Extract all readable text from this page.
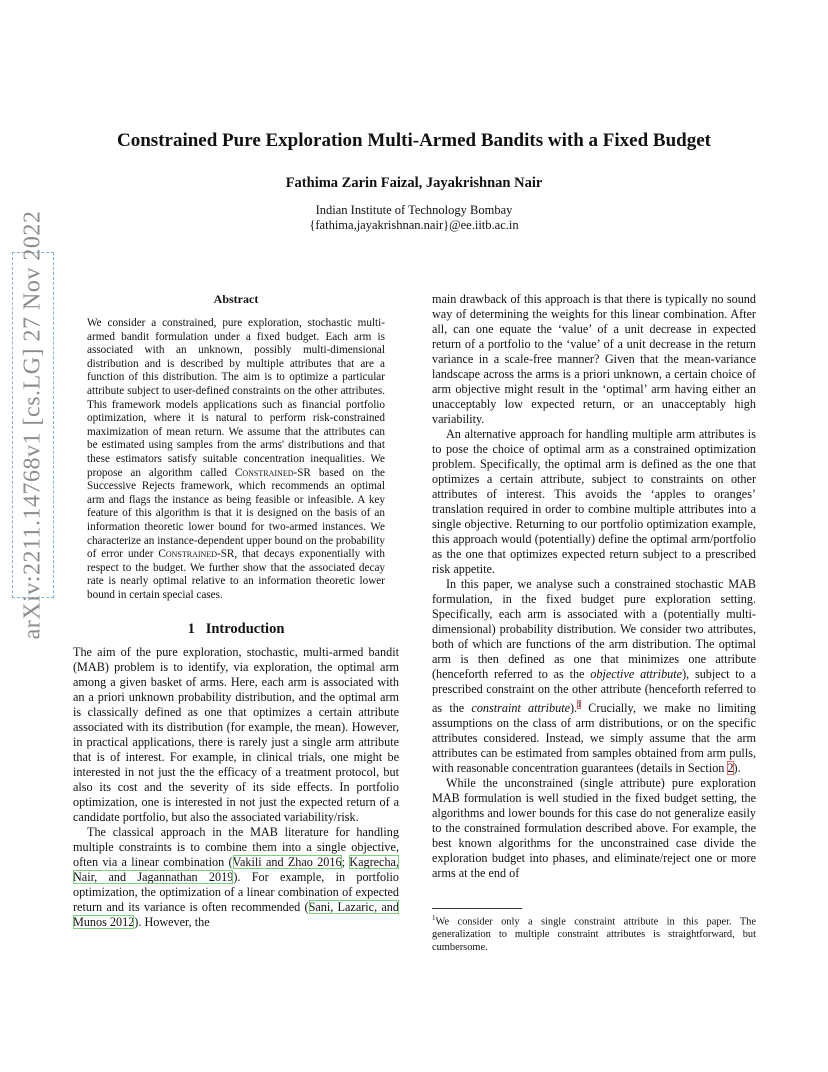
arXiv:2211.14768v1 [cs.LG] 27 Nov 2022
Constrained Pure Exploration Multi-Armed Bandits with a Fixed Budget
Fathima Zarin Faizal, Jayakrishnan Nair
Indian Institute of Technology Bombay
{fathima,jayakrishnan.nair}@ee.iitb.ac.in
Abstract
We consider a constrained, pure exploration, stochastic multi-armed bandit formulation under a fixed budget. Each arm is associated with an unknown, possibly multi-dimensional distribution and is described by multiple attributes that are a function of this distribution. The aim is to optimize a particular attribute subject to user-defined constraints on the other attributes. This framework models applications such as financial portfolio optimization, where it is natural to perform risk-constrained maximization of mean return. We assume that the attributes can be estimated using samples from the arms' distributions and that these estimators satisfy suitable concentration inequalities. We propose an algorithm called Constrained-SR based on the Successive Rejects framework, which recommends an optimal arm and flags the instance as being feasible or infeasible. A key feature of this algorithm is that it is designed on the basis of an information theoretic lower bound for two-armed instances. We characterize an instance-dependent upper bound on the probability of error under Constrained-SR, that decays exponentially with respect to the budget. We further show that the associated decay rate is nearly optimal relative to an information theoretic lower bound in certain special cases.
1 Introduction

The aim of the pure exploration, stochastic, multi-armed bandit (MAB) problem is to identify, via exploration, the optimal arm among a given basket of arms. Here, each arm is associated with an a priori unknown probability distribution, and the optimal arm is classically defined as one that optimizes a certain attribute associated with its distribution (for example, the mean). However, in practical applications, there is rarely just a single arm attribute that is of interest. For example, in clinical trials, one might be interested in not just the the efficacy of a treatment protocol, but also its cost and the severity of its side effects. In portfolio optimization, one is interested in not just the expected return of a candidate portfolio, but also the associated variability/risk.

The classical approach in the MAB literature for handling multiple constraints is to combine them into a single objective, often via a linear combination (Vakili and Zhao 2016; Kagrecha, Nair, and Jagannathan 2019). For example, in portfolio optimization, the optimization of a linear combination of expected return and its variance is often recommended (Sani, Lazaric, and Munos 2012). However, the

main drawback of this approach is that there is typically no sound way of determining the weights for this linear combination. After all, can one equate the ‘value’ of a unit decrease in expected return of a portfolio to the ‘value’ of a unit decrease in the return variance in a scale-free manner? Given that the mean-variance landscape across the arms is a priori unknown, a certain choice of arm objective might result in the ‘optimal’ arm having either an unacceptably low expected return, or an unacceptably high variability.

An alternative approach for handling multiple arm attributes is to pose the choice of optimal arm as a constrained optimization problem. Specifically, the optimal arm is defined as the one that optimizes a certain attribute, subject to constraints on other attributes of interest. This avoids the ‘apples to oranges’ translation required in order to combine multiple attributes into a single objective. Returning to our portfolio optimization example, this approach would (potentially) define the optimal arm/portfolio as the one that optimizes expected return subject to a prescribed risk appetite.

In this paper, we analyse such a constrained stochastic MAB formulation, in the fixed budget pure exploration setting. Specifically, each arm is associated with a (potentially multi-dimensional) probability distribution. We consider two attributes, both of which are functions of the arm distribution. The optimal arm is then defined as one that minimizes one attribute (henceforth referred to as the objective attribute), subject to a prescribed constraint on the other attribute (henceforth referred to as the constraint attribute).$^1$ Crucially, we make no limiting assumptions on the class of arm distributions, or on the specific attributes considered. Instead, we simply assume that the arm attributes can be estimated from samples obtained from arm pulls, with reasonable concentration guarantees (details in Section 2).

While the unconstrained (single attribute) pure exploration MAB formulation is well studied in the fixed budget setting, the algorithms and lower bounds for this case do not generalize easily to the constrained formulation described above. For example, the best known algorithms for the unconstrained case divide the exploration budget into phases, and eliminate/reject one or more arms at the end of

$^1$We consider only a single constraint attribute in this paper. The generalization to multiple constraint attributes is straightforward, but cumbersome.
